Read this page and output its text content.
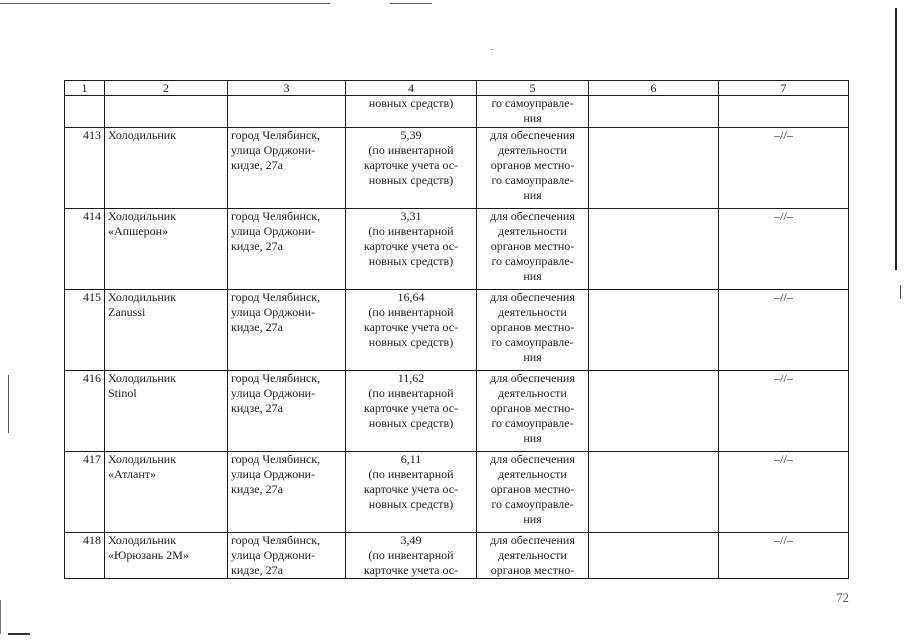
1	2	3	4	5	6	7

			новных средств)	го самоуправле-
ния		

413	Холодильник	город Челябинск,
улица Орджони-
кидзе, 27а	5,39
(по инвентарной
карточке учета ос-
новных средств)	для обеспечения
деятельности
органов местно-
го самоуправле-
ния		–//–
414	Холодильник
«Апшерон»	город Челябинск,
улица Орджони-
кидзе, 27а	3,31
(по инвентарной
карточке учета ос-
новных средств)	для обеспечения
деятельности
органов местно-
го самоуправле-
ния		–//–
415	Холодильник
Zanussi	город Челябинск,
улица Орджони-
кидзе, 27а	16,64
(по инвентарной
карточке учета ос-
новных средств)	для обеспечения
деятельности
органов местно-
го самоуправле-
ния		–//–
416	Холодильник
Stinol	город Челябинск,
улица Орджони-
кидзе, 27а	11,62
(по инвентарной
карточке учета ос-
новных средств)	для обеспечения
деятельности
органов местно-
го самоуправле-
ния		–//–
417	Холодильник
«Атлант»	город Челябинск,
улица Орджони-
кидзе, 27а	6,11
(по инвентарной
карточке учета ос-
новных средств)	для обеспечения
деятельности
органов местно-
го самоуправле-
ния		–//–
418	Холодильник
«Юрюзань 2М»	город Челябинск,
улица Орджони-
кидзе, 27а	3,49
(по инвентарной
карточке учета ос-	для обеспечения
деятельности
органов местно-		–//–
72
